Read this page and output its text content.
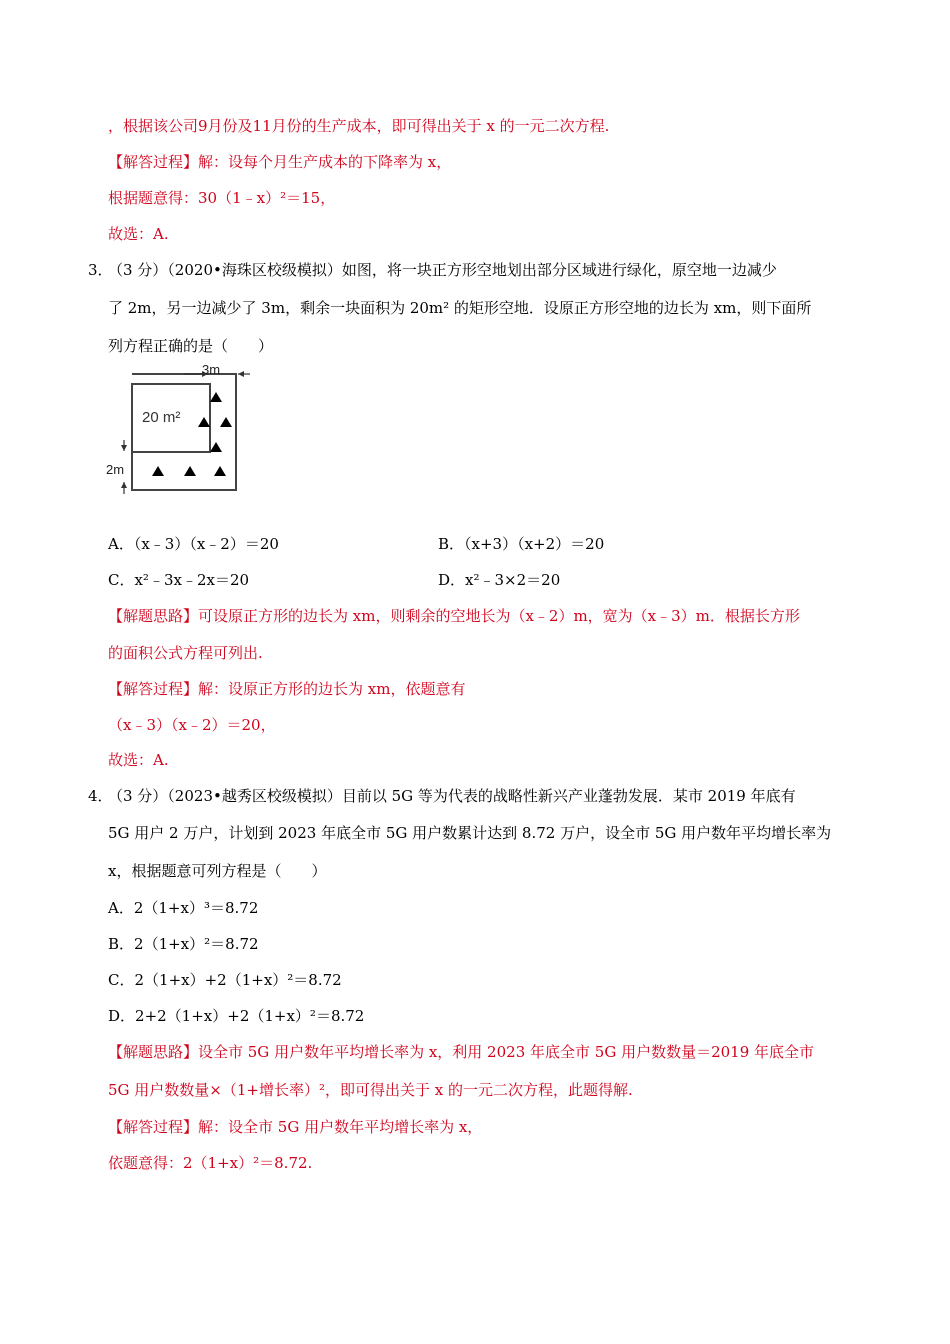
，根据该公司9月份及11月份的生产成本，即可得出关于 x 的一元二次方程.
【解答过程】解：设每个月生产成本的下降率为 x，
根据题意得：30（1﹣x）²＝15，
故选：A.
3．
（3 分）（2020•海珠区校级模拟）如图，将一块正方形空地划出部分区域进行绿化，原空地一边减少
了 2m，另一边减少了 3m，剩余一块面积为 20m² 的矩形空地．设原正方形空地的边长为 xm，则下面所
列方程正确的是（　　）
3m
2m
20 m²
A．（x﹣3）（x﹣2）＝20	B．（x+3）（x+2）＝20
C．x²﹣3x﹣2x＝20	D．x²﹣3×2＝20
【解题思路】可设原正方形的边长为 xm，则剩余的空地长为（x﹣2）m，宽为（x﹣3）m．根据长方形
的面积公式方程可列出.
【解答过程】解：设原正方形的边长为 xm，依题意有
（x﹣3）（x﹣2）＝20，
故选：A.
4．
（3 分）（2023•越秀区校级模拟）目前以 5G 等为代表的战略性新兴产业蓬勃发展．某市 2019 年底有
5G 用户 2 万户，计划到 2023 年底全市 5G 用户数累计达到 8.72 万户，设全市 5G 用户数年平均增长率为
x，根据题意可列方程是（　　）
A．2（1+x）³＝8.72
B．2（1+x）²＝8.72
C．2（1+x）+2（1+x）²＝8.72
D．2+2（1+x）+2（1+x）²＝8.72
【解题思路】设全市 5G 用户数年平均增长率为 x，利用 2023 年底全市 5G 用户数数量＝2019 年底全市
5G 用户数数量×（1+增长率）²，即可得出关于 x 的一元二次方程，此题得解.
【解答过程】解：设全市 5G 用户数年平均增长率为 x，
依题意得：2（1+x）²＝8.72.
